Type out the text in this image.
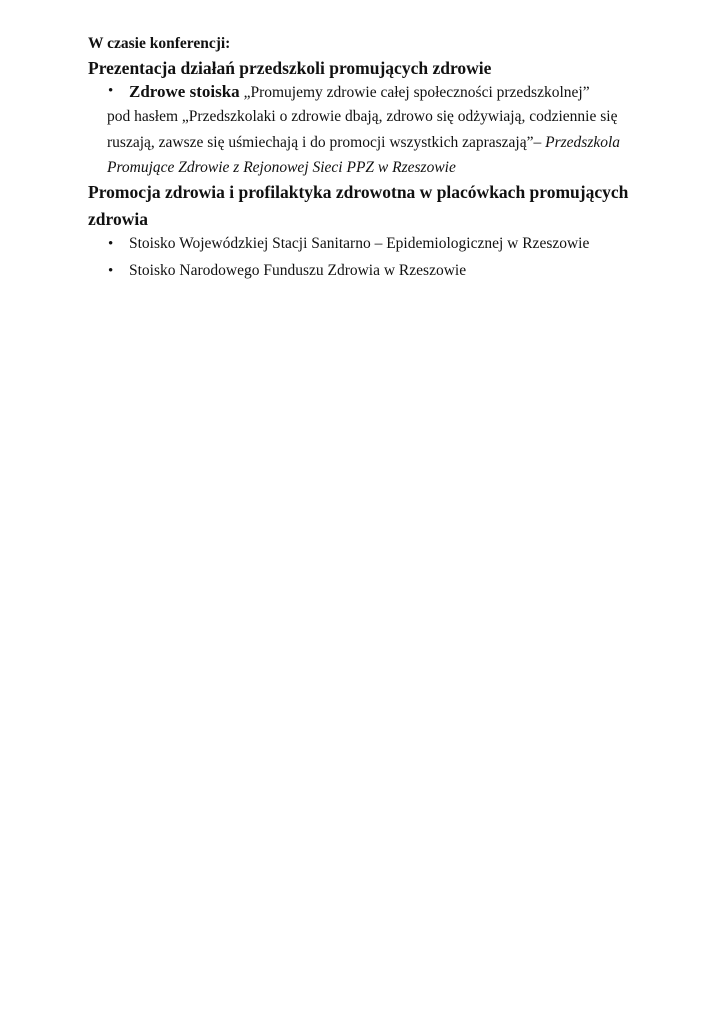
W czasie konferencji:
Prezentacja działań przedszkoli promujących zdrowie
• Zdrowe stoiska „Promujemy zdrowie całej społeczności przedszkolnej”
pod hasłem „Przedszkolaki o zdrowie dbają, zdrowo się odżywiają, codziennie się
ruszają, zawsze się uśmiechają i do promocji wszystkich zapraszają”– Przedszkola
Promujące Zdrowie z Rejonowej Sieci PPZ w Rzeszowie
Promocja zdrowia i profilaktyka zdrowotna w placówkach promujących
zdrowia
• Stoisko Wojewódzkiej Stacji Sanitarno – Epidemiologicznej w Rzeszowie
• Stoisko Narodowego Funduszu Zdrowia w Rzeszowie
